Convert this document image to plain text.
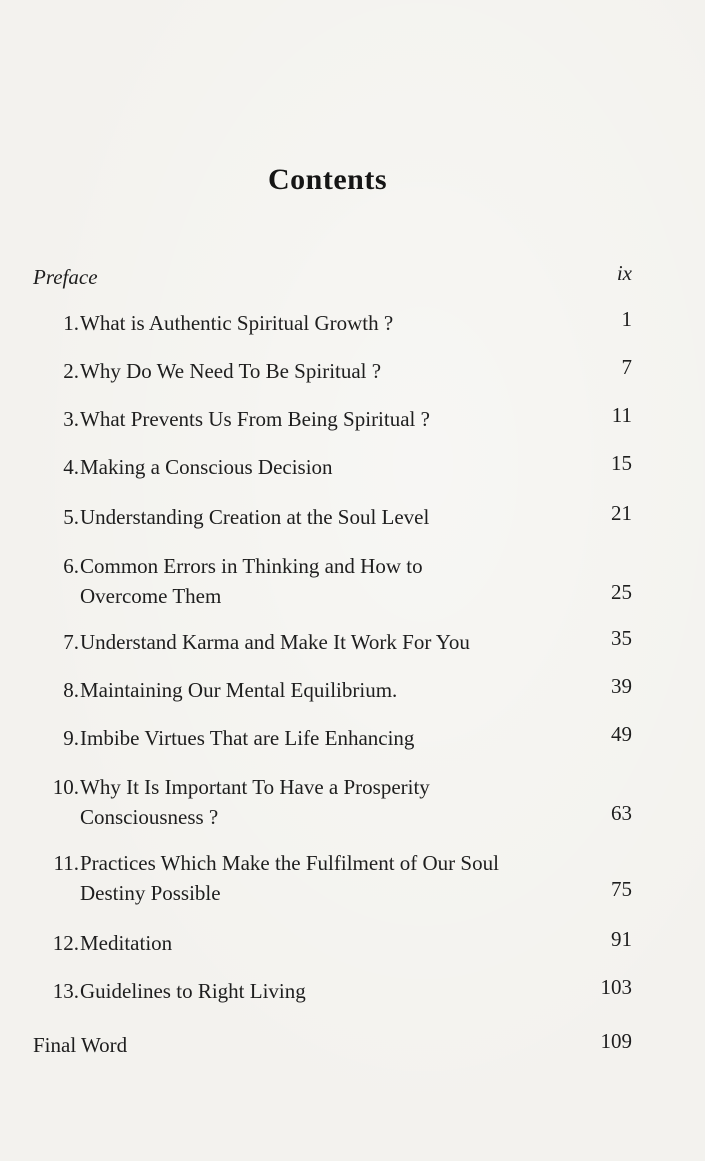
Contents
Preface	ix
1. What is Authentic Spiritual Growth ?	1
2. Why Do We Need To Be Spiritual ?	7
3. What Prevents Us From Being Spiritual ?	11
4. Making a Conscious Decision	15
5. Understanding Creation at the Soul Level	21
6. Common Errors in Thinking and How to
Overcome Them	25
7. Understand Karma and Make It Work For You	35
8. Maintaining Our Mental Equilibrium.	39
9. Imbibe Virtues That are Life Enhancing	49
10. Why It Is Important To Have a Prosperity
Consciousness ?	63
11. Practices Which Make the Fulfilment of Our Soul
Destiny Possible	75
12. Meditation	91
13. Guidelines to Right Living	103
Final Word	109
